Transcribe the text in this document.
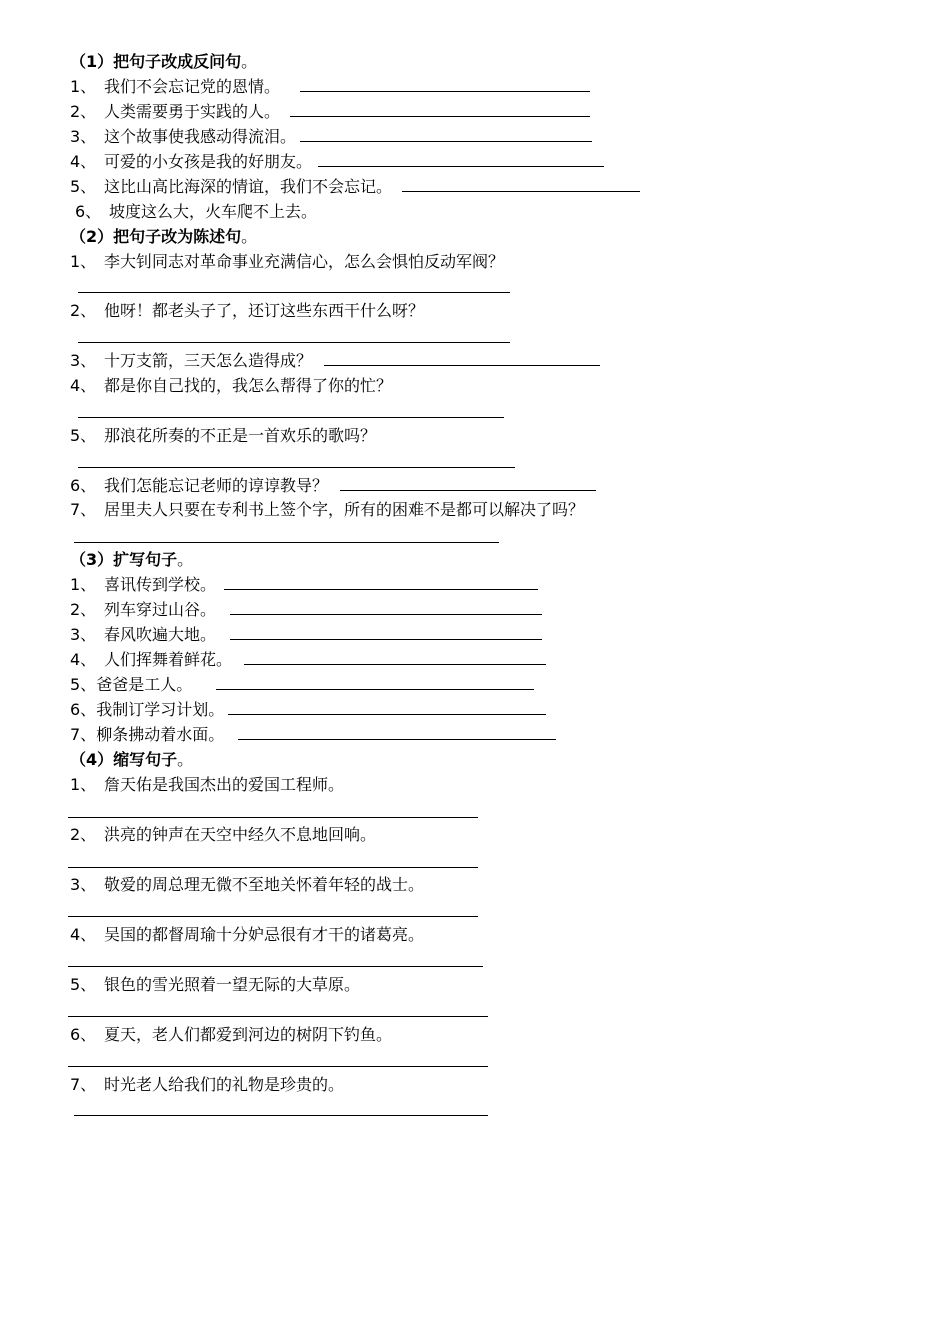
（1）把句子改成反问句。
1、 我们不会忘记党的恩情。
2、 人类需要勇于实践的人。
3、 这个故事使我感动得流泪。
4、 可爱的小女孩是我的好朋友。
5、 这比山高比海深的情谊，我们不会忘记。
6、 坡度这么大，火车爬不上去。
（2）把句子改为陈述句。
1、 李大钊同志对革命事业充满信心，怎么会惧怕反动军阀？
2、 他呀！都老头子了，还订这些东西干什么呀？
3、 十万支箭，三天怎么造得成？
4、 都是你自己找的，我怎么帮得了你的忙？
5、 那浪花所奏的不正是一首欢乐的歌吗？
6、 我们怎能忘记老师的谆谆教导？
7、 居里夫人只要在专利书上签个字，所有的困难不是都可以解决了吗？
（3）扩写句子。
1、 喜讯传到学校。
2、 列车穿过山谷。
3、 春风吹遍大地。
4、 人们挥舞着鲜花。
5、爸爸是工人。
6、我制订学习计划。
7、柳条拂动着水面。
（4）缩写句子。
1、 詹天佑是我国杰出的爱国工程师。
2、 洪亮的钟声在天空中经久不息地回响。
3、 敬爱的周总理无微不至地关怀着年轻的战士。
4、 吴国的都督周瑜十分妒忌很有才干的诸葛亮。
5、 银色的雪光照着一望无际的大草原。
6、 夏天，老人们都爱到河边的树阴下钓鱼。
7、 时光老人给我们的礼物是珍贵的。
